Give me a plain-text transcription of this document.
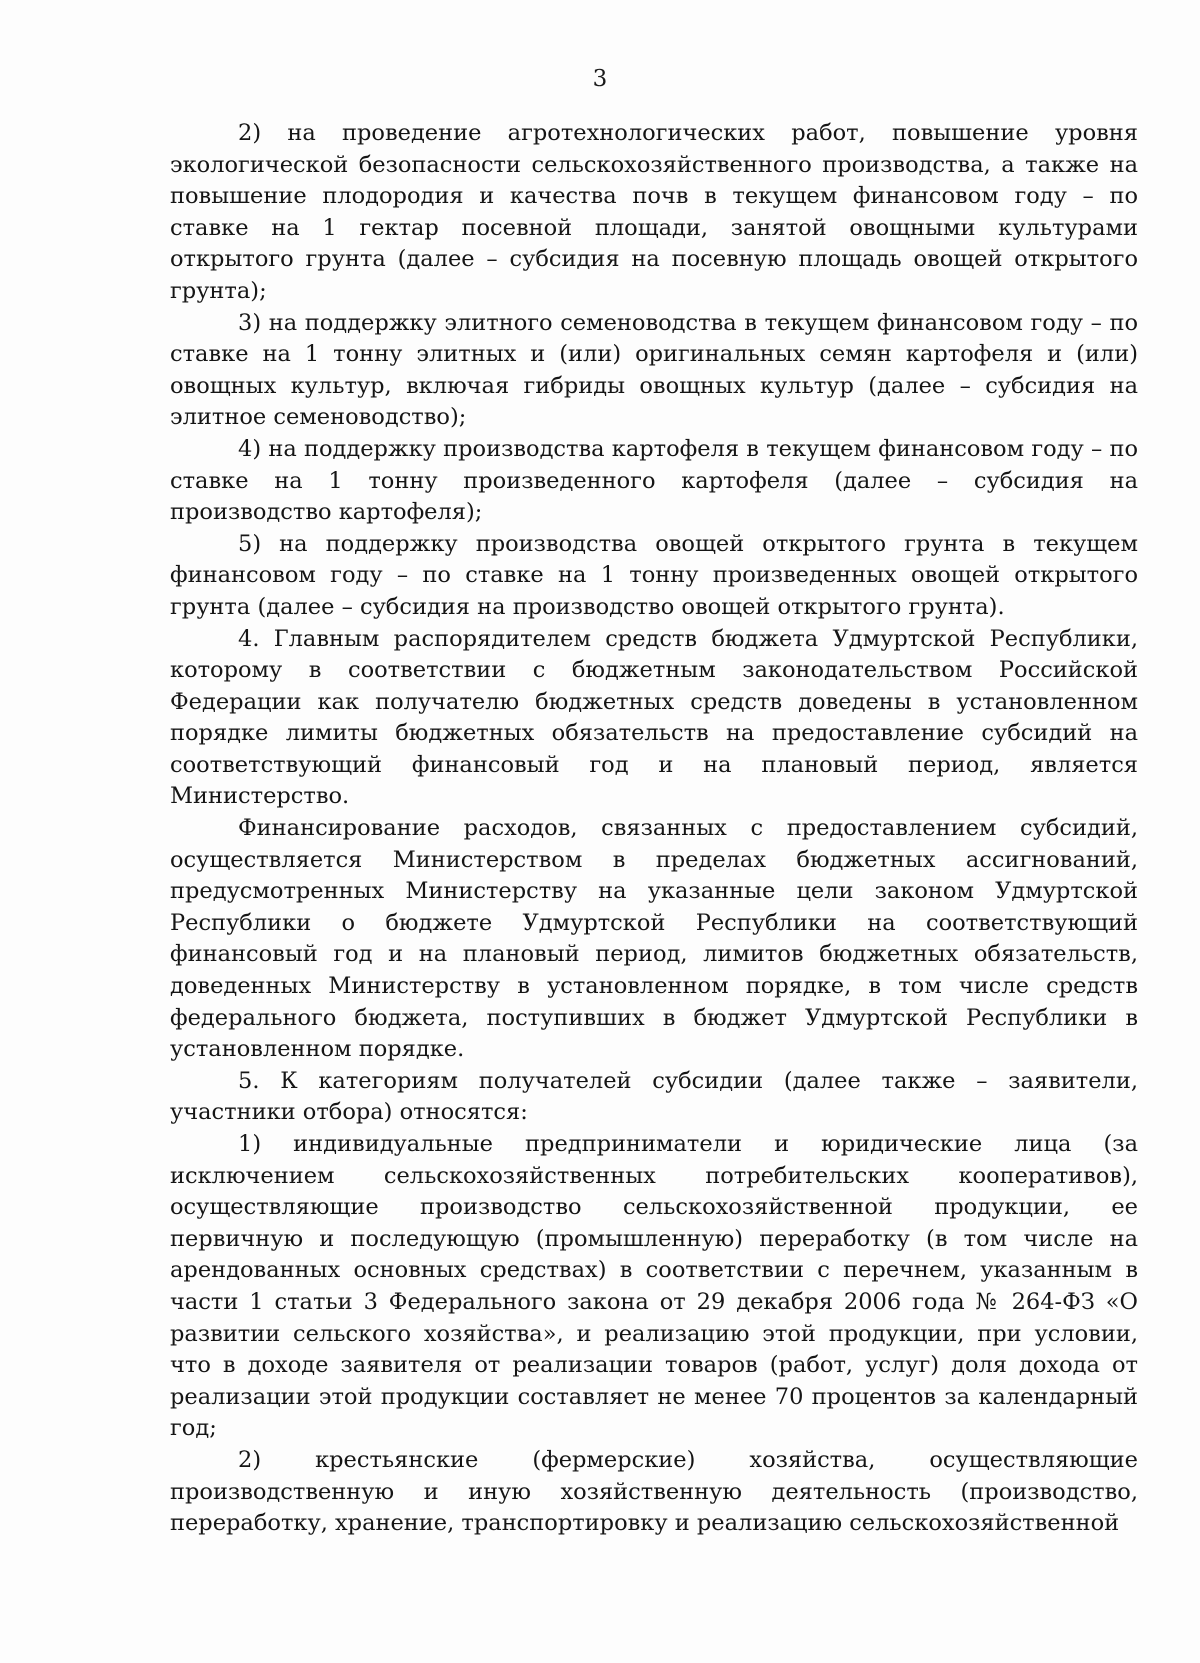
3

2) на проведение агротехнологических работ, повышение уровня экологической безопасности сельскохозяйственного производства, а также на повышение плодородия и качества почв в текущем финансовом году – по ставке на 1 гектар посевной площади, занятой овощными культурами открытого грунта (далее – субсидия на посевную площадь овощей открытого грунта);

3) на поддержку элитного семеноводства в текущем финансовом году – по ставке на 1 тонну элитных и (или) оригинальных семян картофеля и (или) овощных культур, включая гибриды овощных культур (далее – субсидия на элитное семеноводство);

4) на поддержку производства картофеля в текущем финансовом году – по ставке на 1 тонну произведенного картофеля (далее – субсидия на производство картофеля);

5) на поддержку производства овощей открытого грунта в текущем финансовом году – по ставке на 1 тонну произведенных овощей открытого грунта (далее – субсидия на производство овощей открытого грунта).

4. Главным распорядителем средств бюджета Удмуртской Республики, которому в соответствии с бюджетным законодательством Российской Федерации как получателю бюджетных средств доведены в установленном порядке лимиты бюджетных обязательств на предоставление субсидий на соответствующий финансовый год и на плановый период, является Министерство.

Финансирование расходов, связанных с предоставлением субсидий, осуществляется Министерством в пределах бюджетных ассигнований, предусмотренных Министерству на указанные цели законом Удмуртской Республики о бюджете Удмуртской Республики на соответствующий финансовый год и на плановый период, лимитов бюджетных обязательств, доведенных Министерству в установленном порядке, в том числе средств федерального бюджета, поступивших в бюджет Удмуртской Республики в установленном порядке.

5. К категориям получателей субсидии (далее также – заявители, участники отбора) относятся:

1) индивидуальные предприниматели и юридические лица (за исключением сельскохозяйственных потребительских кооперативов), осуществляющие производство сельскохозяйственной продукции, ее первичную и последующую (промышленную) переработку (в том числе на арендованных основных средствах) в соответствии с перечнем, указанным в части 1 статьи 3 Федерального закона от 29 декабря 2006 года № 264-ФЗ «О развитии сельского хозяйства», и реализацию этой продукции, при условии, что в доходе заявителя от реализации товаров (работ, услуг) доля дохода от реализации этой продукции составляет не менее 70 процентов за календарный год;

2) крестьянские (фермерские) хозяйства, осуществляющие производственную и иную хозяйственную деятельность (производство, переработку, хранение, транспортировку и реализацию сельскохозяйственной
